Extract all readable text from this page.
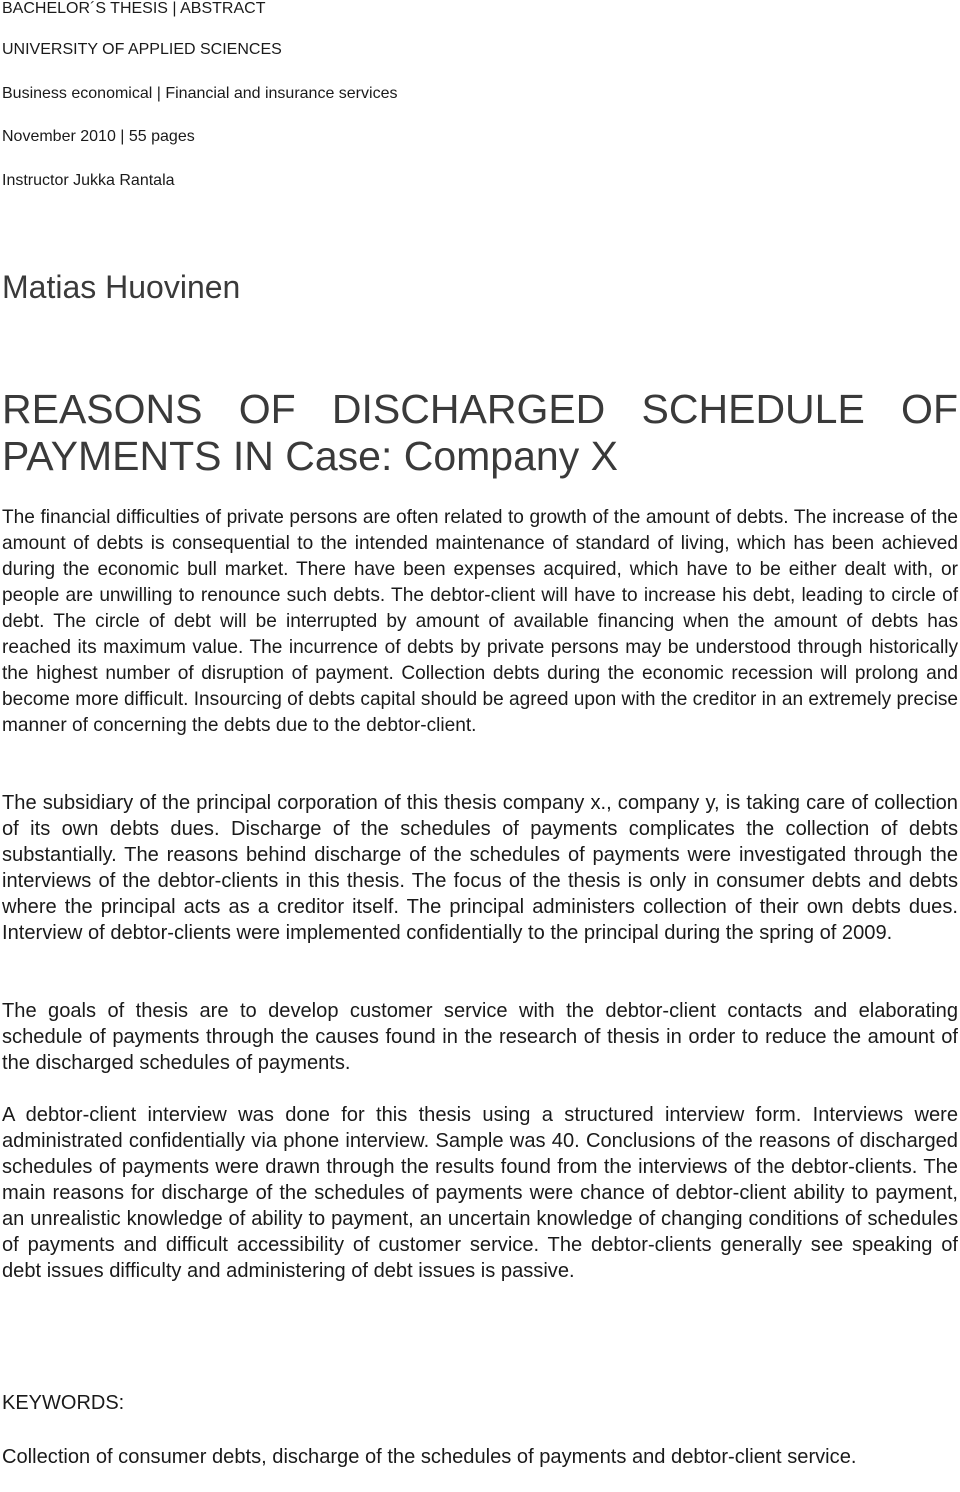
BACHELOR´S THESIS | ABSTRACT
UNIVERSITY OF APPLIED SCIENCES
Business economical | Financial and insurance services
November 2010 | 55 pages
Instructor Jukka Rantala
Matias Huovinen
REASONS OF DISCHARGED SCHEDULE OF PAYMENTS IN Case: Company X

The financial difficulties of private persons are often related to growth of the amount of debts. The increase of the amount of debts is consequential to the intended maintenance of standard of living, which has been achieved during the economic bull market. There have been expenses acquired, which have to be either dealt with, or people are unwilling to renounce such debts. The debtor-client will have to increase his debt, leading to circle of debt. The circle of debt will be interrupted by amount of available financing when the amount of debts has reached its maximum value. The incurrence of debts by private persons may be understood through historically the highest number of disruption of payment. Collection debts during the economic recession will prolong and become more difficult. Insourcing of debts capital should be agreed upon with the creditor in an extremely precise manner of concerning the debts due to the debtor-client.

The subsidiary of the principal corporation of this thesis company x., company y, is taking care of collection of its own debts dues. Discharge of the schedules of payments complicates the collection of debts substantially. The reasons behind discharge of the schedules of payments were investigated through the interviews of the debtor-clients in this thesis. The focus of the thesis is only in consumer debts and debts where the principal acts as a creditor itself. The principal administers collection of their own debts dues. Interview of debtor-clients were implemented confidentially to the principal during the spring of 2009.

The goals of thesis are to develop customer service with the debtor-client contacts and elaborating schedule of payments through the causes found in the research of thesis in order to reduce the amount of the discharged schedules of payments.

A debtor-client interview was done for this thesis using a structured interview form. Interviews were administrated confidentially via phone interview. Sample was 40. Conclusions of the reasons of discharged schedules of payments were drawn through the results found from the interviews of the debtor-clients. The main reasons for discharge of the schedules of payments were chance of debtor-client ability to payment, an unrealistic knowledge of ability to payment, an uncertain knowledge of changing conditions of schedules of payments and difficult accessibility of customer service. The debtor-clients generally see speaking of debt issues difficulty and administering of debt issues is passive.

KEYWORDS:

Collection of consumer debts, discharge of the schedules of payments and debtor-client service.
